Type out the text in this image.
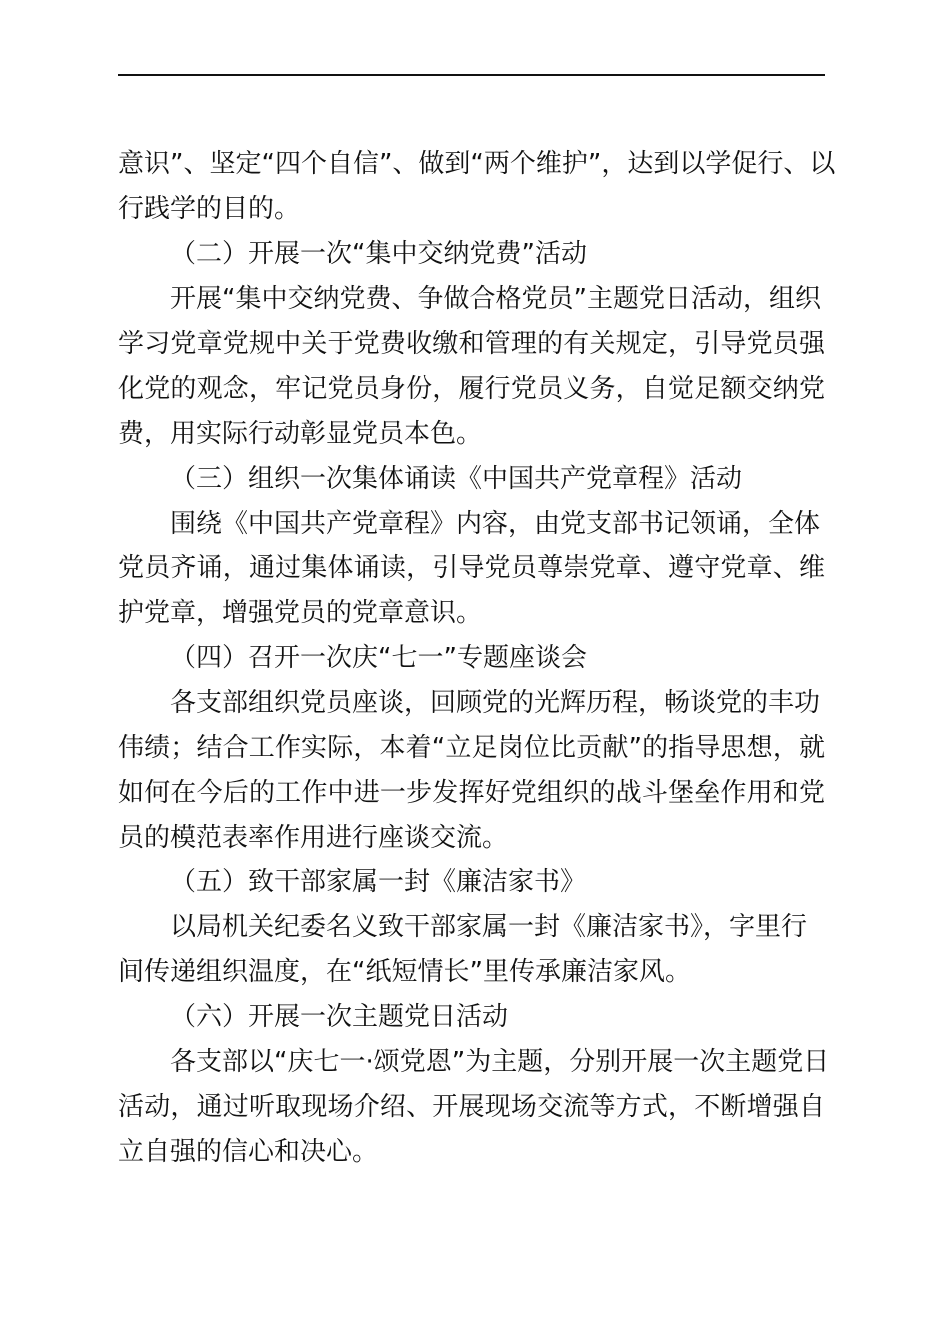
意识”、坚定“四个自信”、做到“两个维护”，达到以学促行、以
行践学的目的。
（二）开展一次“集中交纳党费”活动
开展“集中交纳党费、争做合格党员”主题党日活动，组织
学习党章党规中关于党费收缴和管理的有关规定，引导党员强
化党的观念，牢记党员身份，履行党员义务，自觉足额交纳党
费，用实际行动彰显党员本色。
（三）组织一次集体诵读《中国共产党章程》活动
围绕《中国共产党章程》内容，由党支部书记领诵，全体
党员齐诵，通过集体诵读，引导党员尊崇党章、遵守党章、维
护党章，增强党员的党章意识。
（四）召开一次庆“七一”专题座谈会
各支部组织党员座谈，回顾党的光辉历程，畅谈党的丰功
伟绩；结合工作实际，本着“立足岗位比贡献”的指导思想，就
如何在今后的工作中进一步发挥好党组织的战斗堡垒作用和党
员的模范表率作用进行座谈交流。
（五）致干部家属一封《廉洁家书》
以局机关纪委名义致干部家属一封《廉洁家书》，字里行
间传递组织温度，在“纸短情长”里传承廉洁家风。
（六）开展一次主题党日活动
各支部以“庆七一·颂党恩”为主题，分别开展一次主题党日
活动，通过听取现场介绍、开展现场交流等方式，不断增强自
立自强的信心和决心。
